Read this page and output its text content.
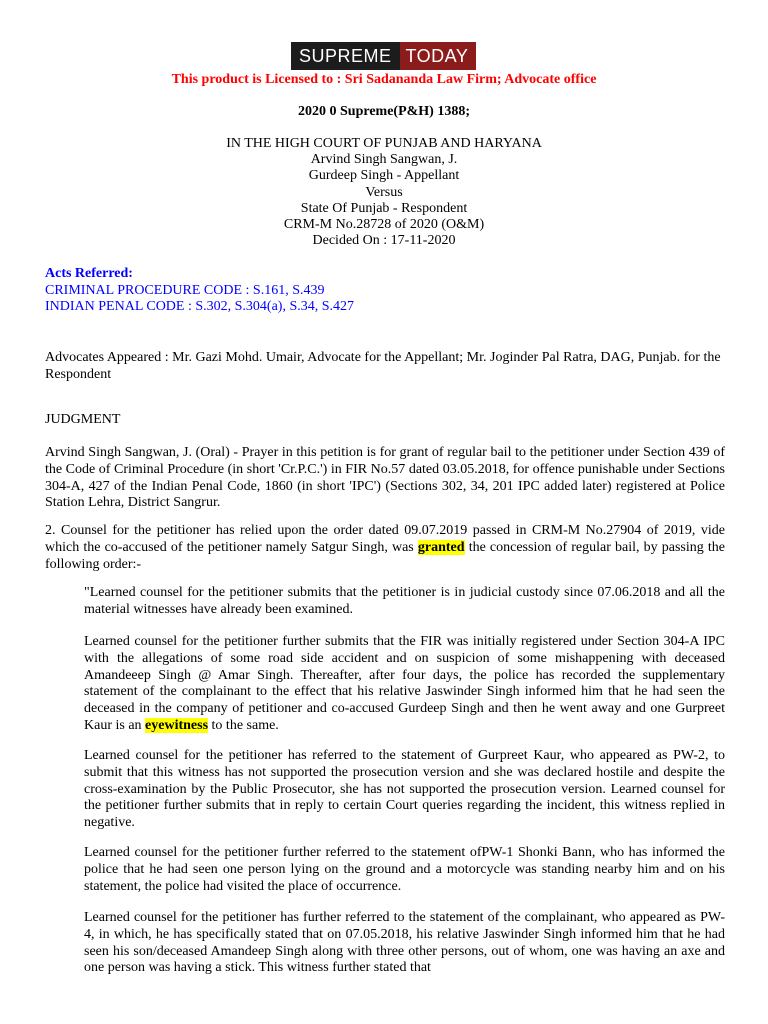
SUPREME TODAY
This product is Licensed to : Sri Sadananda Law Firm; Advocate office
2020 0 Supreme(P&H) 1388;
IN THE HIGH COURT OF PUNJAB AND HARYANA
Arvind Singh Sangwan, J.
Gurdeep Singh - Appellant
Versus
State Of Punjab - Respondent
CRM-M No.28728 of 2020 (O&M)
Decided On : 17-11-2020
Acts Referred:
CRIMINAL PROCEDURE CODE : S.161, S.439
INDIAN PENAL CODE : S.302, S.304(a), S.34, S.427
Advocates Appeared : Mr. Gazi Mohd. Umair, Advocate for the Appellant; Mr. Joginder Pal Ratra, DAG, Punjab. for the Respondent
JUDGMENT
Arvind Singh Sangwan, J. (Oral) - Prayer in this petition is for grant of regular bail to the petitioner under Section 439 of the Code of Criminal Procedure (in short 'Cr.P.C.') in FIR No.57 dated 03.05.2018, for offence punishable under Sections 304-A, 427 of the Indian Penal Code, 1860 (in short 'IPC') (Sections 302, 34, 201 IPC added later) registered at Police Station Lehra, District Sangrur.
2. Counsel for the petitioner has relied upon the order dated 09.07.2019 passed in CRM-M No.27904 of 2019, vide which the co-accused of the petitioner namely Satgur Singh, was granted the concession of regular bail, by passing the following order:-
"Learned counsel for the petitioner submits that the petitioner is in judicial custody since 07.06.2018 and all the material witnesses have already been examined.
Learned counsel for the petitioner further submits that the FIR was initially registered under Section 304-A IPC with the allegations of some road side accident and on suspicion of some mishappening with deceased Amandeeep Singh @ Amar Singh. Thereafter, after four days, the police has recorded the supplementary statement of the complainant to the effect that his relative Jaswinder Singh informed him that he had seen the deceased in the company of petitioner and co-accused Gurdeep Singh and then he went away and one Gurpreet Kaur is an eyewitness to the same.
Learned counsel for the petitioner has referred to the statement of Gurpreet Kaur, who appeared as PW-2, to submit that this witness has not supported the prosecution version and she was declared hostile and despite the cross-examination by the Public Prosecutor, she has not supported the prosecution version. Learned counsel for the petitioner further submits that in reply to certain Court queries regarding the incident, this witness replied in negative.
Learned counsel for the petitioner further referred to the statement ofPW-1 Shonki Bann, who has informed the police that he had seen one person lying on the ground and a motorcycle was standing nearby him and on his statement, the police had visited the place of occurrence.
Learned counsel for the petitioner has further referred to the statement of the complainant, who appeared as PW-4, in which, he has specifically stated that on 07.05.2018, his relative Jaswinder Singh informed him that he had seen his son/deceased Amandeep Singh along with three other persons, out of whom, one was having an axe and one person was having a stick. This witness further stated that
